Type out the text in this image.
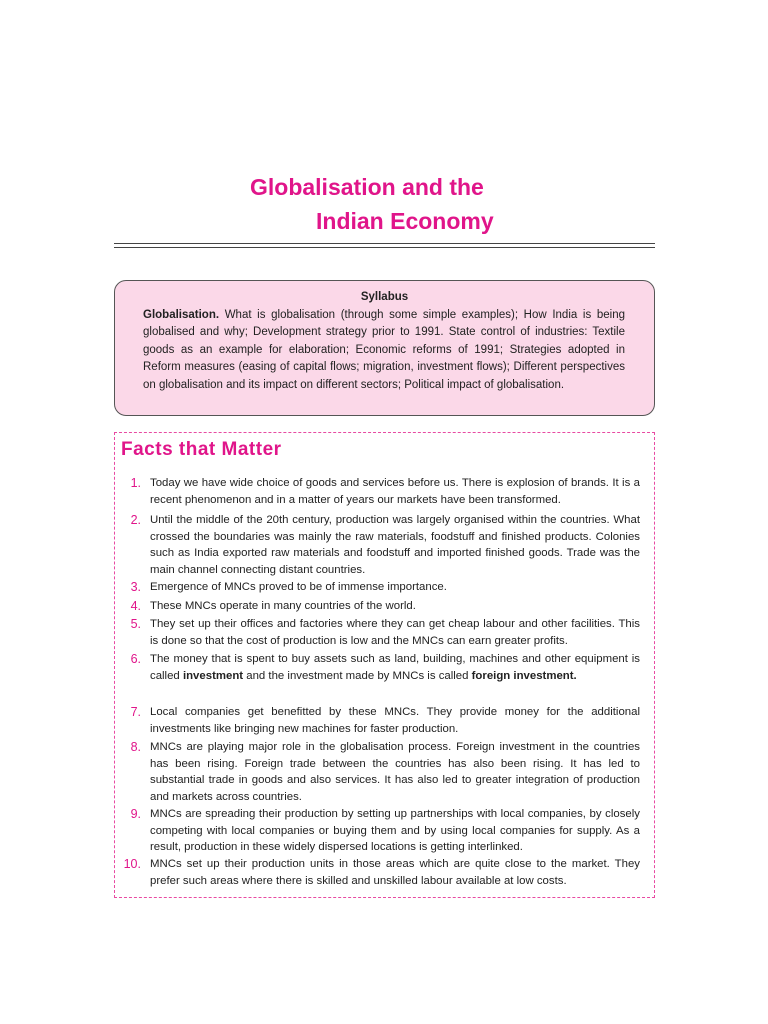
Globalisation and the
Indian Economy
Syllabus
Globalisation. What is globalisation (through some simple examples); How India is being globalised and why; Development strategy prior to 1991. State control of industries: Textile goods as an example for elaboration; Economic reforms of 1991; Strategies adopted in Reform measures (easing of capital flows; migration, investment flows); Different perspectives on globalisation and its impact on different sectors; Political impact of globalisation.
Facts that Matter
1. Today we have wide choice of goods and services before us. There is explosion of brands. It is a recent phenomenon and in a matter of years our markets have been transformed.
2. Until the middle of the 20th century, production was largely organised within the countries. What crossed the boundaries was mainly the raw materials, foodstuff and finished products. Colonies such as India exported raw materials and foodstuff and imported finished goods. Trade was the main channel connecting distant countries.
3. Emergence of MNCs proved to be of immense importance.
4. These MNCs operate in many countries of the world.
5. They set up their offices and factories where they can get cheap labour and other facilities. This is done so that the cost of production is low and the MNCs can earn greater profits.
6. The money that is spent to buy assets such as land, building, machines and other equipment is called investment and the investment made by MNCs is called foreign investment.
7. Local companies get benefitted by these MNCs. They provide money for the additional investments like bringing new machines for faster production.
8. MNCs are playing major role in the globalisation process. Foreign investment in the countries has been rising. Foreign trade between the countries has also been rising. It has led to substantial trade in goods and also services. It has also led to greater integration of production and markets across countries.
9. MNCs are spreading their production by setting up partnerships with local companies, by closely competing with local companies or buying them and by using local companies for supply. As a result, production in these widely dispersed locations is getting interlinked.
10. MNCs set up their production units in those areas which are quite close to the market. They prefer such areas where there is skilled and unskilled labour available at low costs.
